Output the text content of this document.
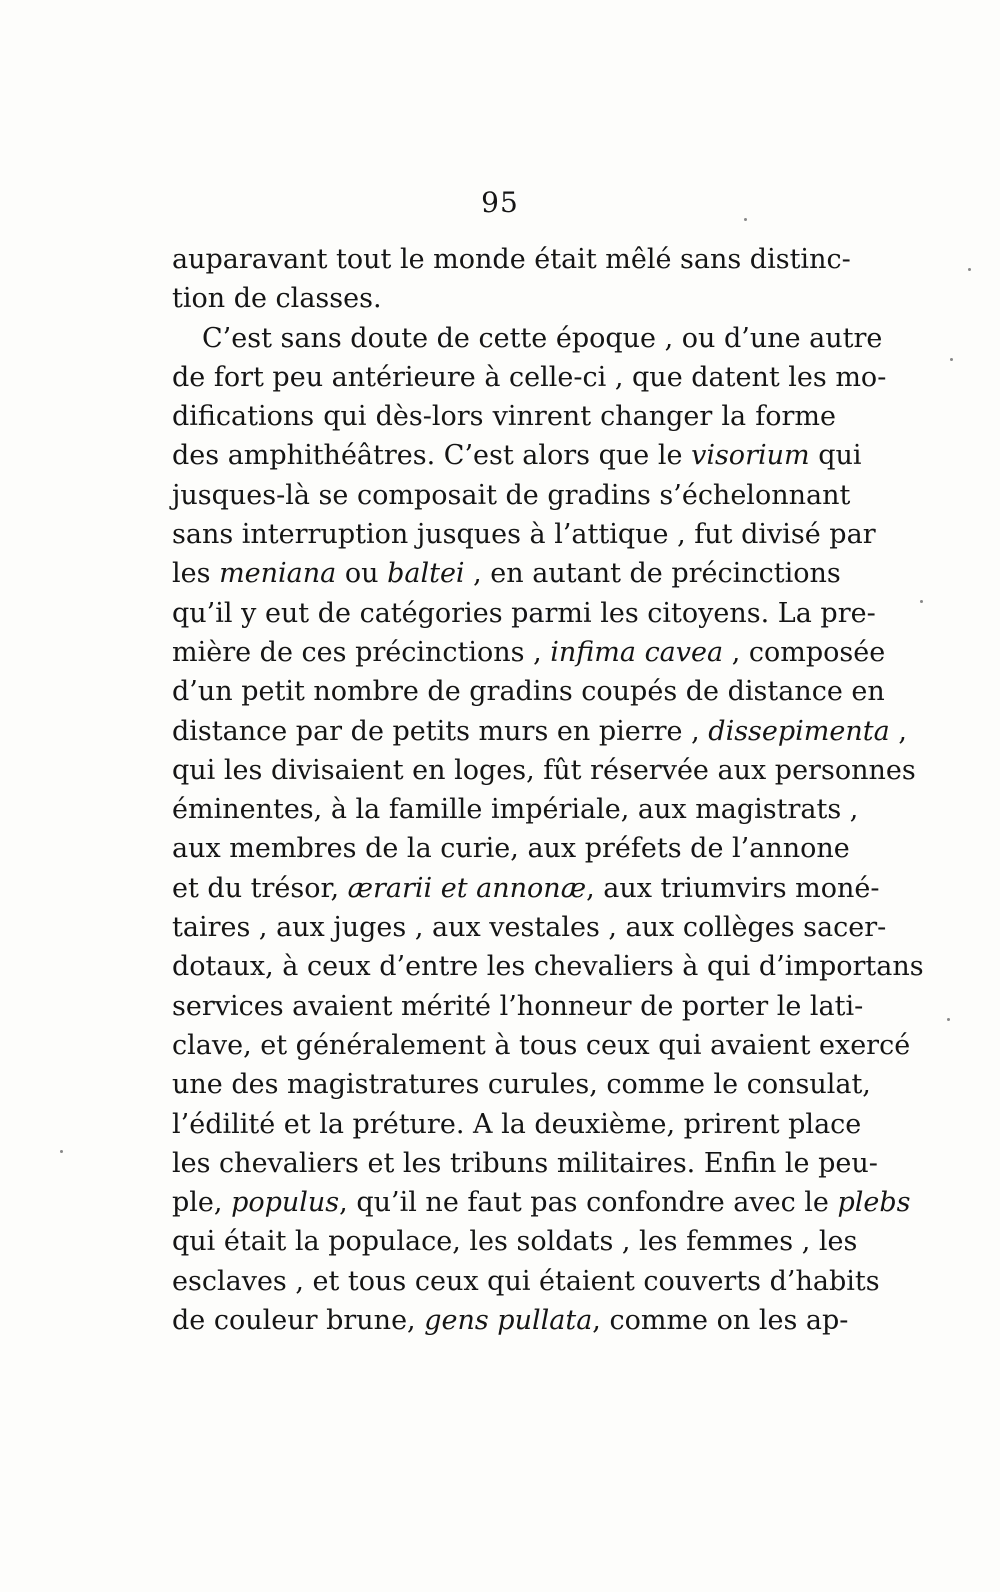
95
auparavant tout le monde était mêlé sans distinc-
tion de classes.
C’est sans doute de cette époque , ou d’une autre
de fort peu antérieure à celle-ci , que datent les mo-
difications qui dès-lors vinrent changer la forme
des amphithéâtres. C’est alors que le visorium qui
jusques-là se composait de gradins s’échelonnant
sans interruption jusques à l’attique , fut divisé par
les meniana ou baltei , en autant de précinctions
qu’il y eut de catégories parmi les citoyens. La pre-
mière de ces précinctions , infima cavea , composée
d’un petit nombre de gradins coupés de distance en
distance par de petits murs en pierre , dissepimenta ,
qui les divisaient en loges, fût réservée aux personnes
éminentes, à la famille impériale, aux magistrats ,
aux membres de la curie, aux préfets de l’annone
et du trésor, ærarii et annonæ, aux triumvirs moné-
taires , aux juges , aux vestales , aux collèges sacer-
dotaux, à ceux d’entre les chevaliers à qui d’importans
services avaient mérité l’honneur de porter le lati-
clave, et généralement à tous ceux qui avaient exercé
une des magistratures curules, comme le consulat,
l’édilité et la préture. A la deuxième, prirent place
les chevaliers et les tribuns militaires. Enfin le peu-
ple, populus, qu’il ne faut pas confondre avec le plebs
qui était la populace, les soldats , les femmes , les
esclaves , et tous ceux qui étaient couverts d’habits
de couleur brune, gens pullata, comme on les ap-
